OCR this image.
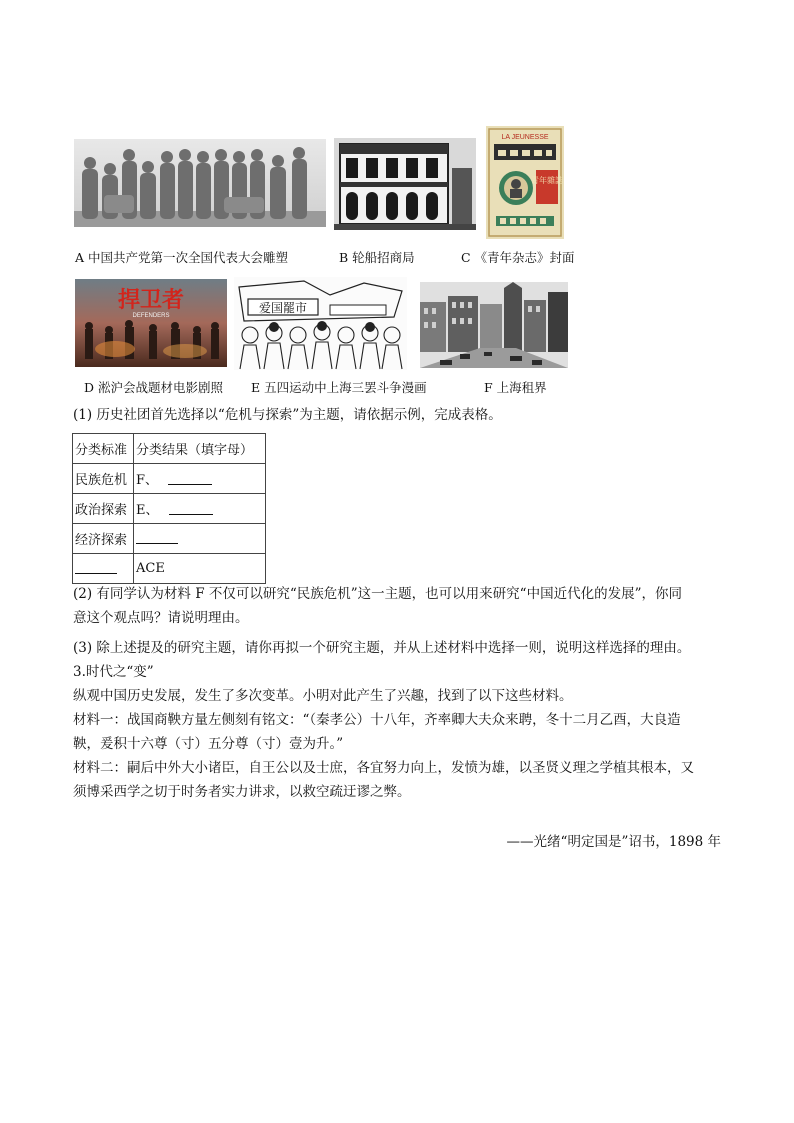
LA JEUNESSE
青年雜誌
A 中国共产党第一次全国代表大会雕塑	B 轮船招商局	C 《青年杂志》封面
捍卫者
DEFENDERS
爱国罷市
D 淞沪会战题材电影剧照 E 五四运动中上海三罢斗争漫画	F 上海租界
(1) 历史社团首先选择以“危机与探索”为主题，请依据示例，完成表格。
分类标准	分类结果（填字母）
民族危机	F、
政治探索	E、
经济探索	
	ACE
(2) 有同学认为材料 F 不仅可以研究“民族危机”这一主题，也可以用来研究“中国近代化的发展”，你同
意这个观点吗？请说明理由。
(3) 除上述提及的研究主题，请你再拟一个研究主题，并从上述材料中选择一则，说明这样选择的理由。
3.时代之“变”
纵观中国历史发展，发生了多次变革。小明对此产生了兴趣，找到了以下这些材料。
材料一：战国商鞅方量左侧刻有铭文：“（秦孝公）十八年，齐率卿大夫众来聘，冬十二月乙酉，大良造
鞅，爰积十六尊（寸）五分尊（寸）壹为升。”
材料二：嗣后中外大小诸臣，自王公以及士庶，各宜努力向上，发愤为雄，以圣贤义理之学植其根本，又
须博采西学之切于时务者实力讲求，以救空疏迂谬之弊。
——光绪“明定国是”诏书，1898 年
